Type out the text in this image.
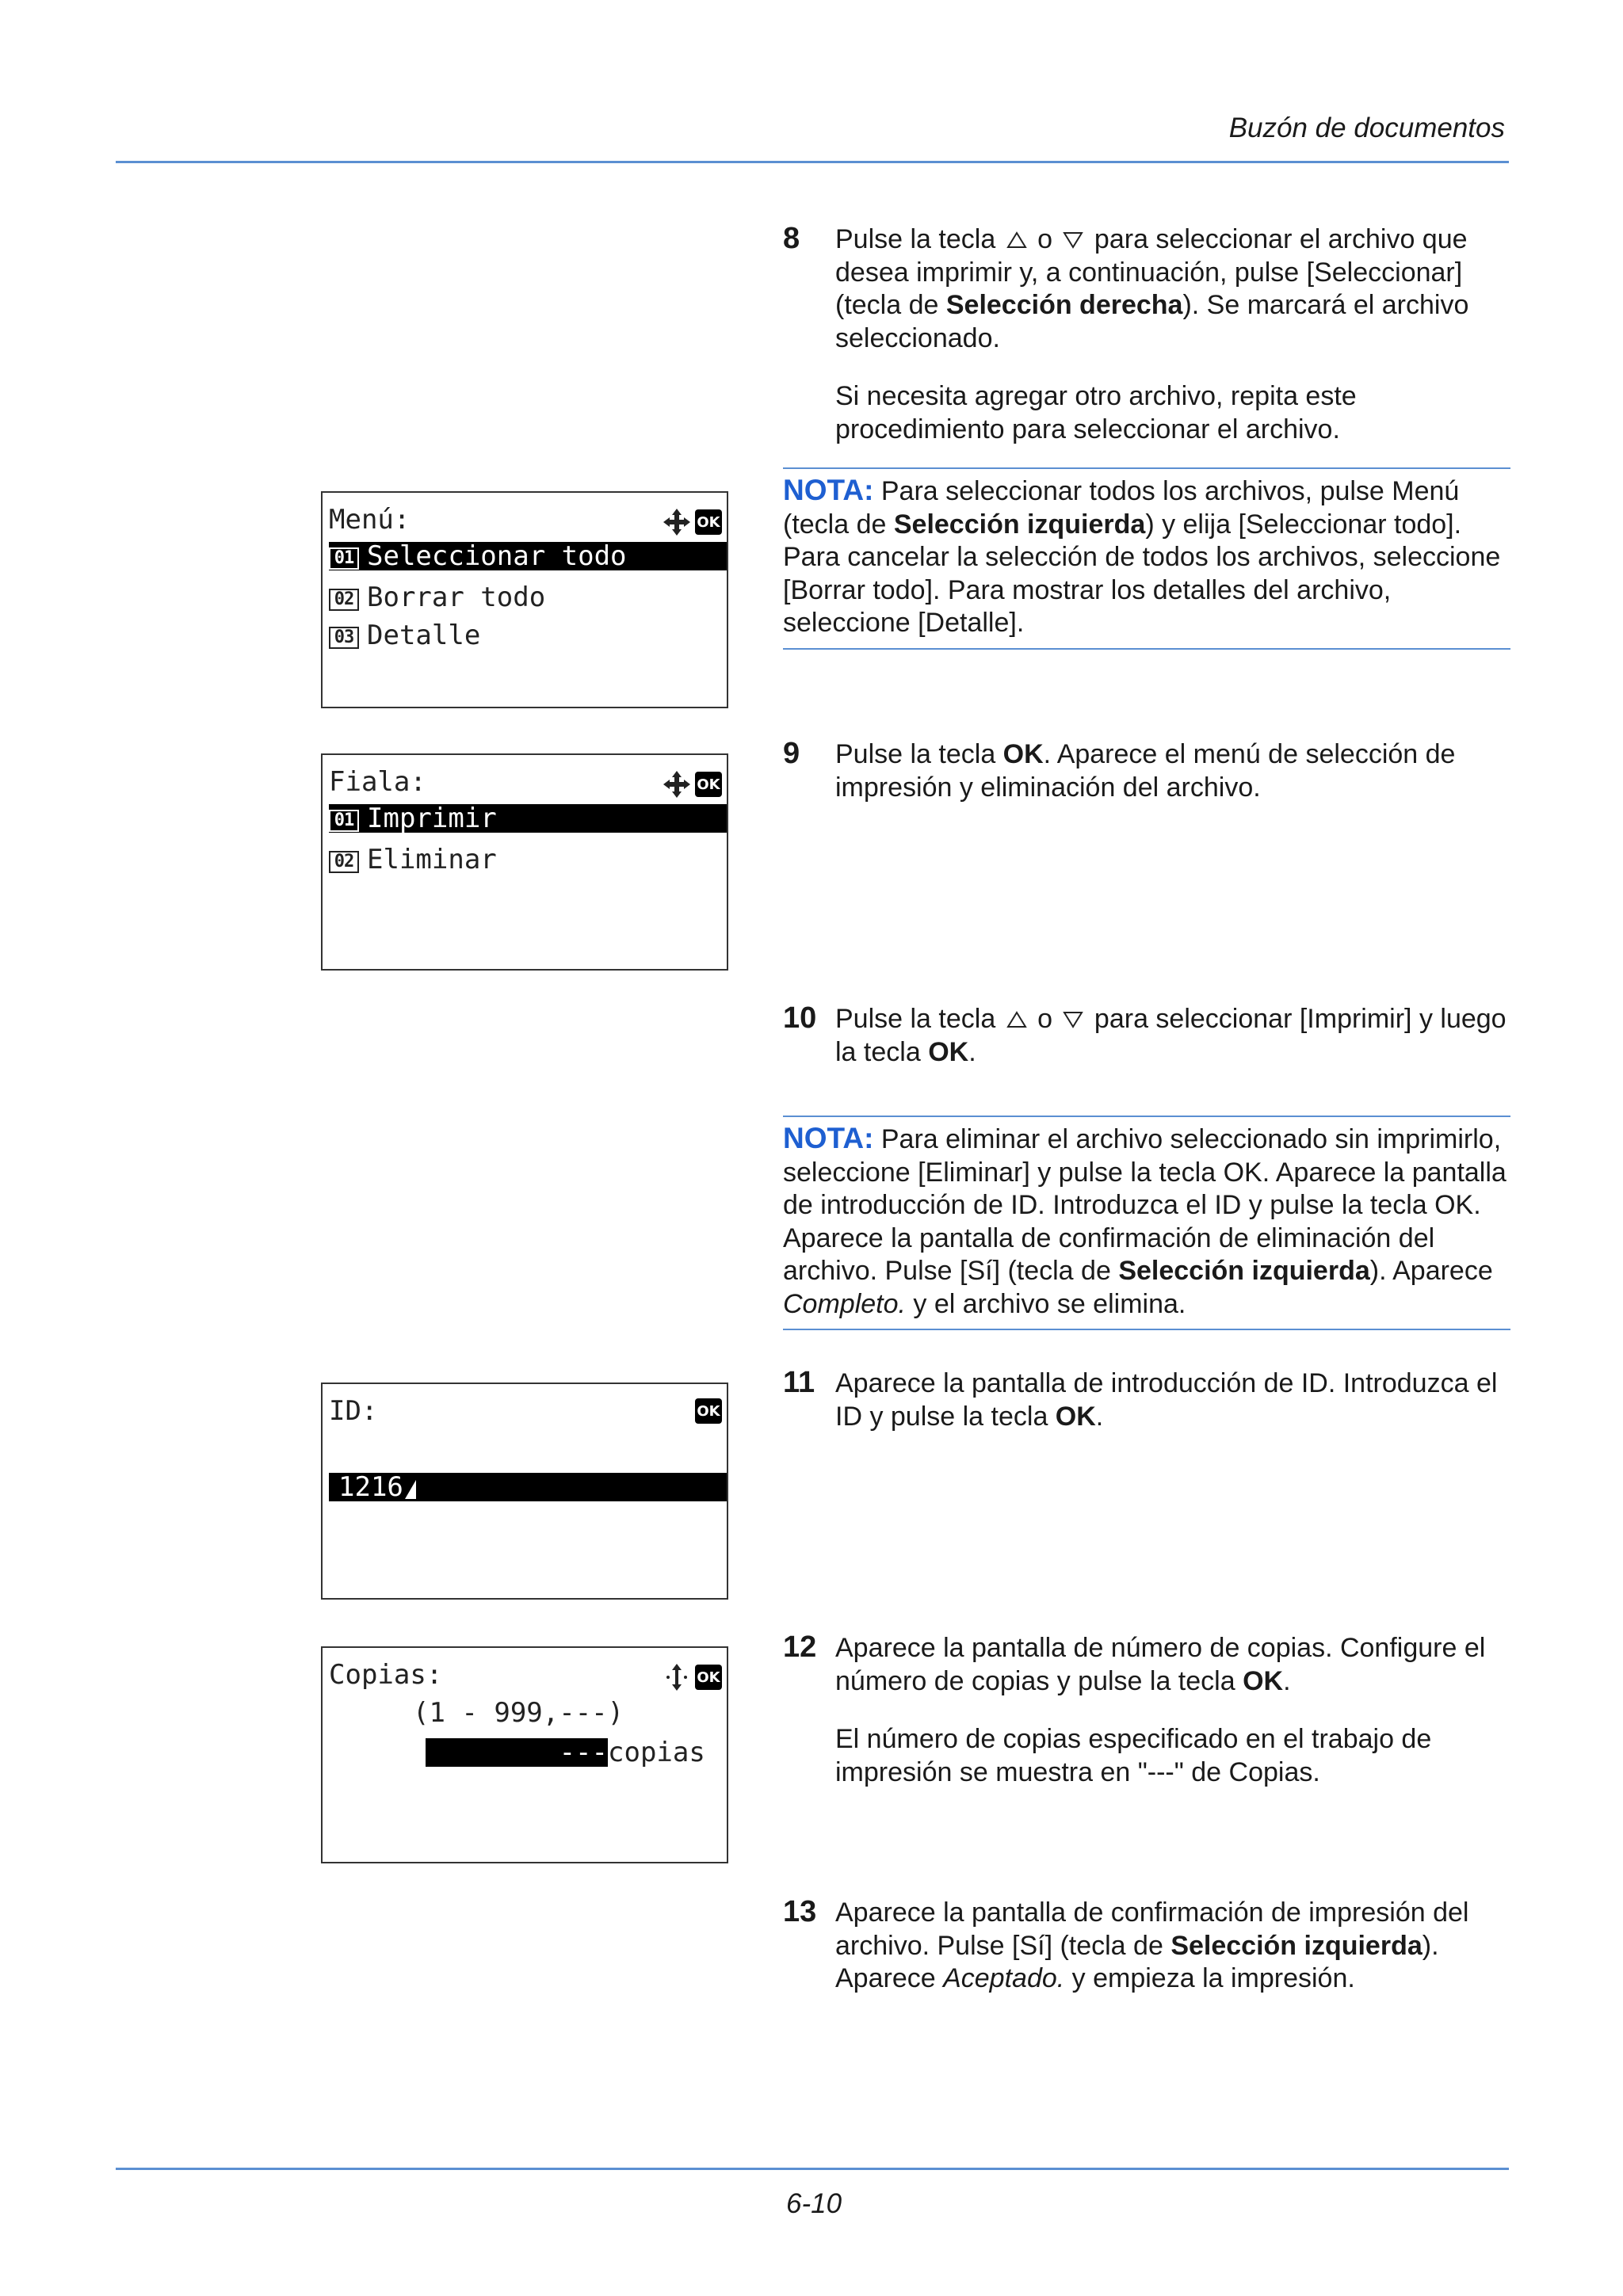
Buzón de documentos
8 Pulse la tecla  o  para seleccionar el archivo que desea imprimir y, a continuación, pulse [Seleccionar] (tecla de Selección derecha). Se marcará el archivo seleccionado.

Si necesita agregar otro archivo, repita este procedimiento para seleccionar el archivo.

NOTA: Para seleccionar todos los archivos, pulse Menú (tecla de Selección izquierda) y elija [Seleccionar todo]. Para cancelar la selección de todos los archivos, seleccione [Borrar todo]. Para mostrar los detalles del archivo, seleccione [Detalle].
Menú:	OK
01 Seleccionar todo
02 Borrar todo
03 Detalle
9 Pulse la tecla OK. Aparece el menú de selección de impresión y eliminación del archivo.

Fiala:	OK
01 Imprimir
02 Eliminar
10 Pulse la tecla  o  para seleccionar [Imprimir] y luego la tecla OK.

NOTA: Para eliminar el archivo seleccionado sin imprimirlo, seleccione [Eliminar] y pulse la tecla OK. Aparece la pantalla de introducción de ID. Introduzca el ID y pulse la tecla OK. Aparece la pantalla de confirmación de eliminación del archivo. Pulse [Sí] (tecla de Selección izquierda). Aparece Completo. y el archivo se elimina.
11 Aparece la pantalla de introducción de ID. Introduzca el ID y pulse la tecla OK.

ID:	OK
1216
12 Aparece la pantalla de número de copias. Configure el número de copias y pulse la tecla OK.

El número de copias especificado en el trabajo de impresión se muestra en "---" de Copias.

Copias:	OK
(1 - 999,---)
---copias
13 Aparece la pantalla de confirmación de impresión del archivo. Pulse [Sí] (tecla de Selección izquierda). Aparece Aceptado. y empieza la impresión.

6-10
